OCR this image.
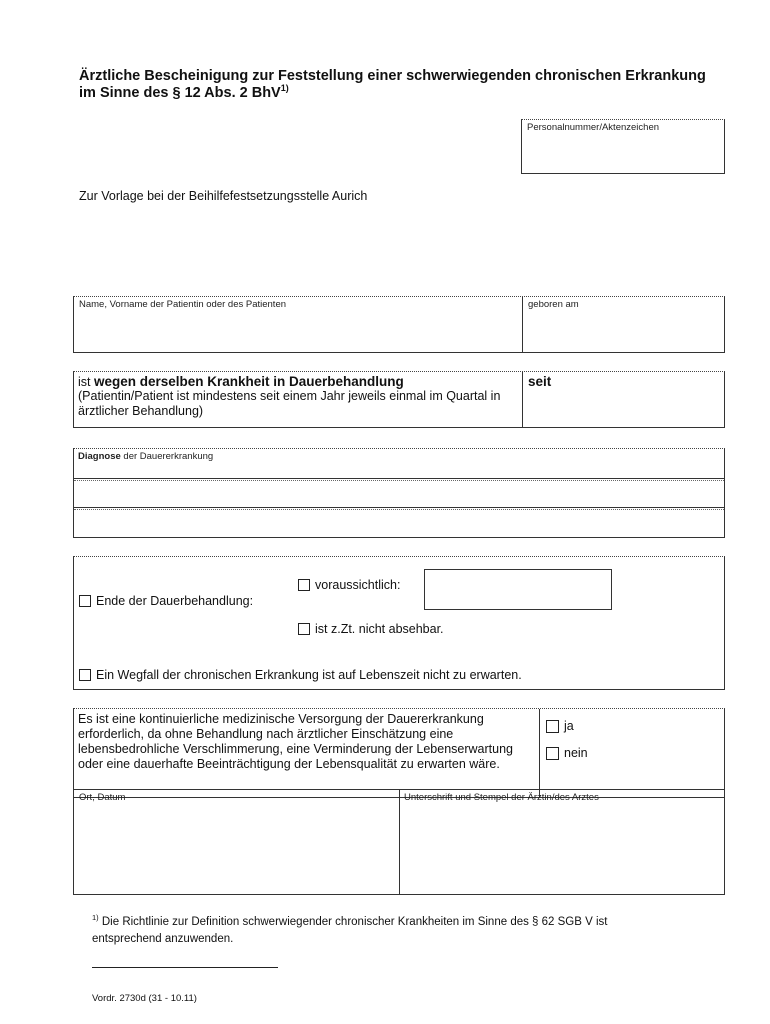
Ärztliche Bescheinigung zur Feststellung einer schwerwiegenden chronischen Erkrankung
im Sinne des § 12 Abs. 2 BhV$^{1)}$
Personalnummer/Aktenzeichen
Zur Vorlage bei der Beihilfefestsetzungsstelle Aurich
Name, Vorname der Patientin oder des Patienten	geboren am
ist wegen derselben Krankheit in Dauerbehandlung
(Patientin/Patient ist mindestens seit einem Jahr jeweils einmal im Quartal in
ärztlicher Behandlung)
seit
Diagnose der Dauererkrankung
Ende der Dauerbehandlung:
voraussichtlich:
ist z.Zt. nicht absehbar.
Ein Wegfall der chronischen Erkrankung ist auf Lebenszeit nicht zu erwarten.
Es ist eine kontinuierliche medizinische Versorgung der Dauererkrankung
erforderlich, da ohne Behandlung nach ärztlicher Einschätzung eine
lebensbedrohliche Verschlimmerung, eine Verminderung der Lebenserwartung
oder eine dauerhafte Beeinträchtigung der Lebensqualität zu erwarten wäre.
ja
nein
Ort, Datum	Unterschrift und Stempel der Ärztin/des Arztes
$^{1)}$ Die Richtlinie zur Definition schwerwiegender chronischer Krankheiten im Sinne des § 62 SGB V ist
entsprechend anzuwenden.
Vordr. 2730d (31 - 10.11)
